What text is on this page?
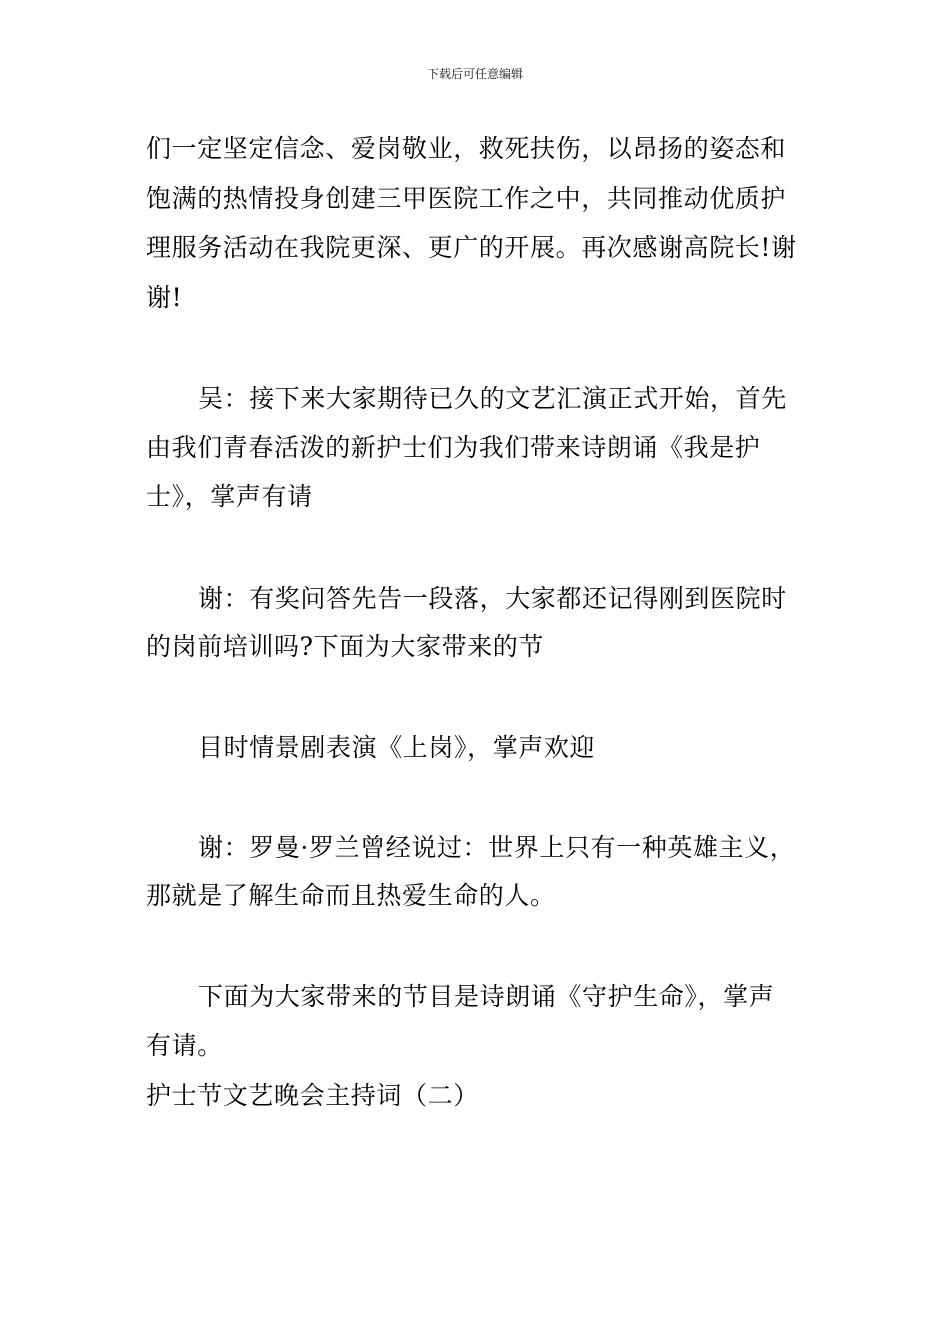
下载后可任意编辑
们一定坚定信念、爱岗敬业，救死扶伤，以昂扬的姿态和
饱满的热情投身创建三甲医院工作之中，共同推动优质护
理服务活动在我院更深、更广的开展。再次感谢高院长!谢
谢!
吴：接下来大家期待已久的文艺汇演正式开始，首先
由我们青春活泼的新护士们为我们带来诗朗诵《我是护
士》，掌声有请
谢：有奖问答先告一段落，大家都还记得刚到医院时
的岗前培训吗?下面为大家带来的节
目时情景剧表演《上岗》，掌声欢迎
谢：罗曼·罗兰曾经说过：世界上只有一种英雄主义，
那就是了解生命而且热爱生命的人。
下面为大家带来的节目是诗朗诵《守护生命》，掌声
有请。
护士节文艺晚会主持词（二）
